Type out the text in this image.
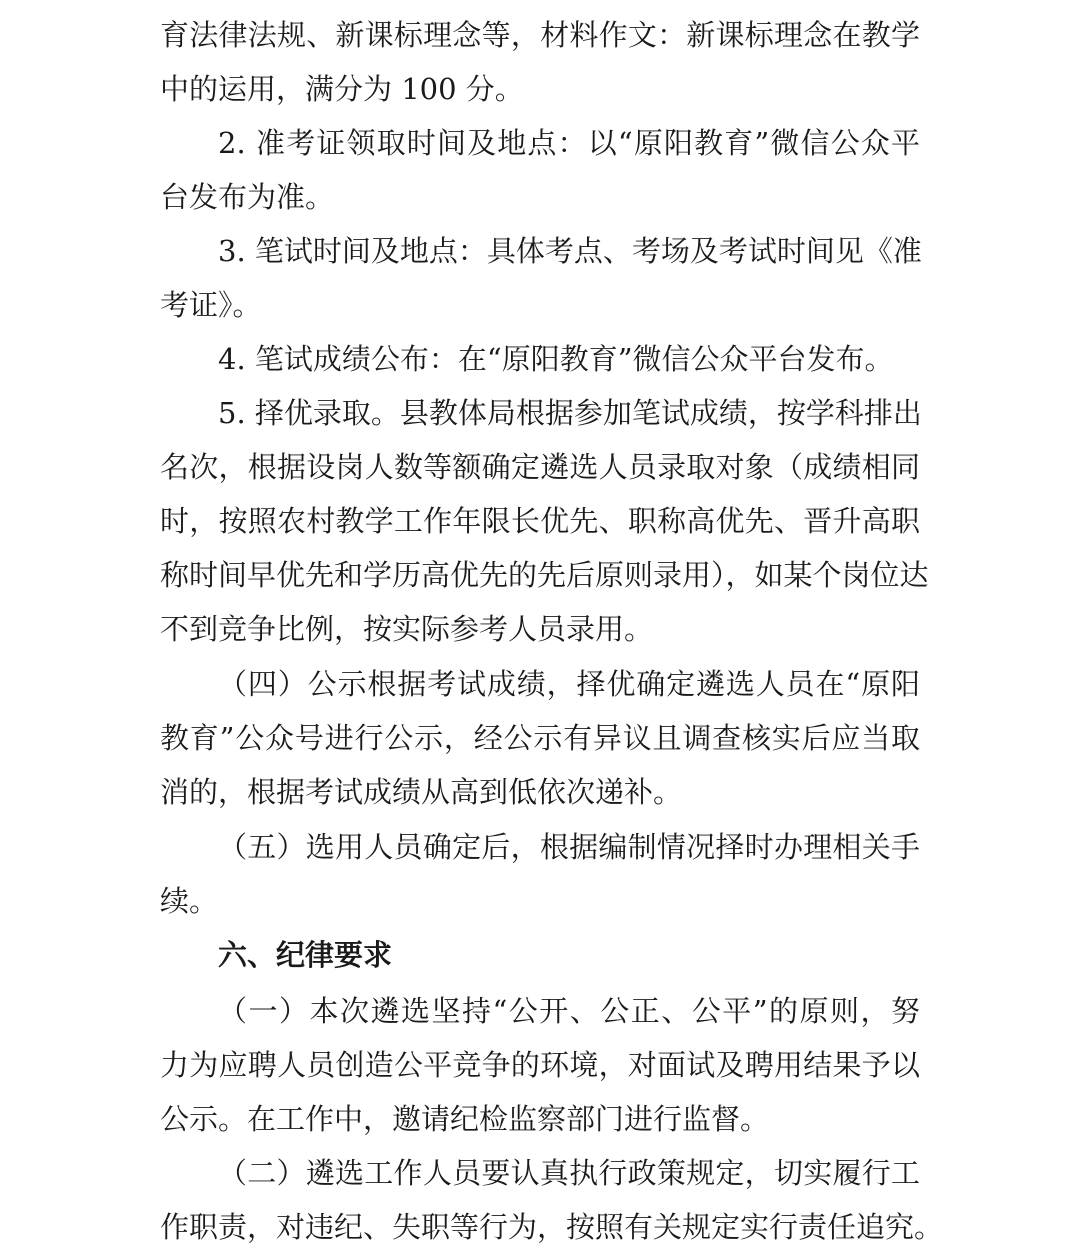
育法律法规、新课标理念等，材料作文：新课标理念在教学
中的运用，满分为 100 分。
2. 准考证领取时间及地点：以“原阳教育”微信公众平
台发布为准。
3. 笔试时间及地点：具体考点、考场及考试时间见《准
考证》。
4. 笔试成绩公布：在“原阳教育”微信公众平台发布。
5. 择优录取。县教体局根据参加笔试成绩，按学科排出
名次，根据设岗人数等额确定遴选人员录取对象（成绩相同
时，按照农村教学工作年限长优先、职称高优先、晋升高职
称时间早优先和学历高优先的先后原则录用），如某个岗位达
不到竞争比例，按实际参考人员录用。
（四）公示根据考试成绩，择优确定遴选人员在“原阳
教育”公众号进行公示，经公示有异议且调查核实后应当取
消的，根据考试成绩从高到低依次递补。
（五）选用人员确定后，根据编制情况择时办理相关手
续。
六、纪律要求
（一）本次遴选坚持“公开、公正、公平”的原则，努
力为应聘人员创造公平竞争的环境，对面试及聘用结果予以
公示。在工作中，邀请纪检监察部门进行监督。
（二）遴选工作人员要认真执行政策规定，切实履行工
作职责，对违纪、失职等行为，按照有关规定实行责任追究。
